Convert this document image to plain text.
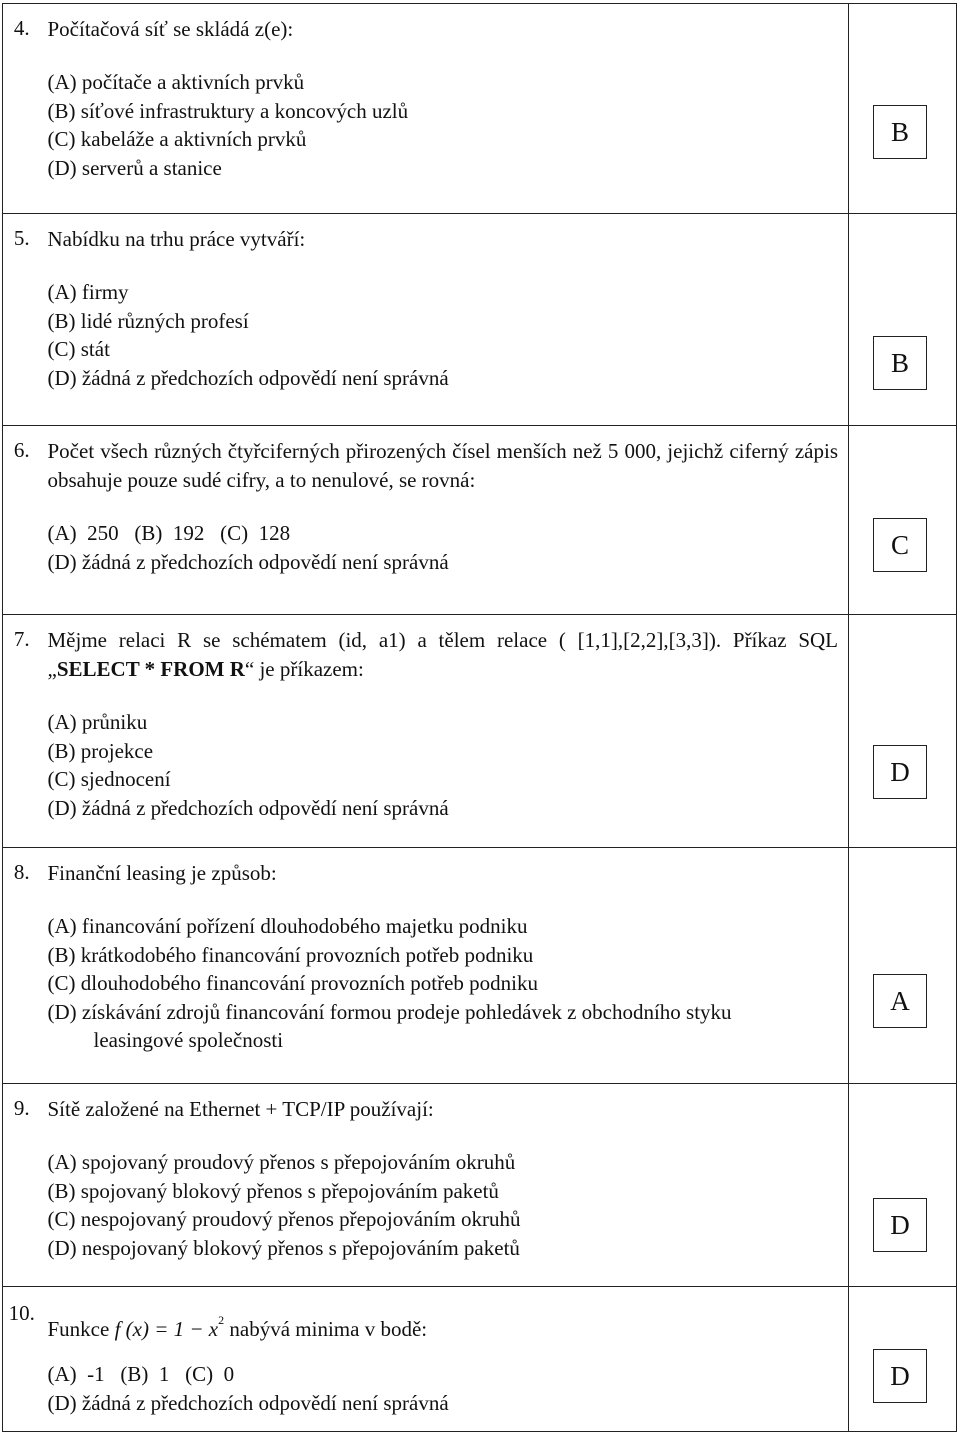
4.	Počítačová síť se skládá z(e):
(A) počítače a aktivních prvků
(B) síťové infrastruktury a koncových uzlů
(C) kabeláže a aktivních prvků
(D) serverů a stanice	B

5.	Nabídku na trhu práce vytváří:
(A) firmy
(B) lidé různých profesí
(C) stát
(D) žádná z předchozích odpovědí není správná	B

6.	Počet všech různých čtyřciferných přirozených čísel menších než 5 000, jejichž ciferný zápis obsahuje pouze sudé cifry, a to nenulové, se rovná:
(A)  250   (B)  192   (C)  128
(D) žádná z předchozích odpovědí není správná	C

7.	Mějme relaci R se schématem (id, a1) a tělem relace ( [1,1],[2,2],[3,3]). Příkaz SQL „SELECT * FROM R“ je příkazem:
(A) průniku
(B) projekce
(C) sjednocení
(D) žádná z předchozích odpovědí není správná	D

8.	Finanční leasing je způsob:
(A) financování pořízení dlouhodobého majetku podniku
(B) krátkodobého financování provozních potřeb podniku
(C) dlouhodobého financování provozních potřeb podniku
(D) získávání zdrojů financování formou prodeje pohledávek z obchodního styku leasingové společnosti	A

9.	Sítě založené na Ethernet + TCP/IP používají:
(A) spojovaný proudový přenos s přepojováním okruhů
(B) spojovaný blokový přenos s přepojováním paketů
(C) nespojovaný proudový přenos přepojováním okruhů
(D) nespojovaný blokový přenos s přepojováním paketů	D

10.	Funkce f $(x) = 1 - x^2$ nabývá minima v bodě:
(A)  -1   (B)  1   (C)  0
(D) žádná z předchozích odpovědí není správná	D
